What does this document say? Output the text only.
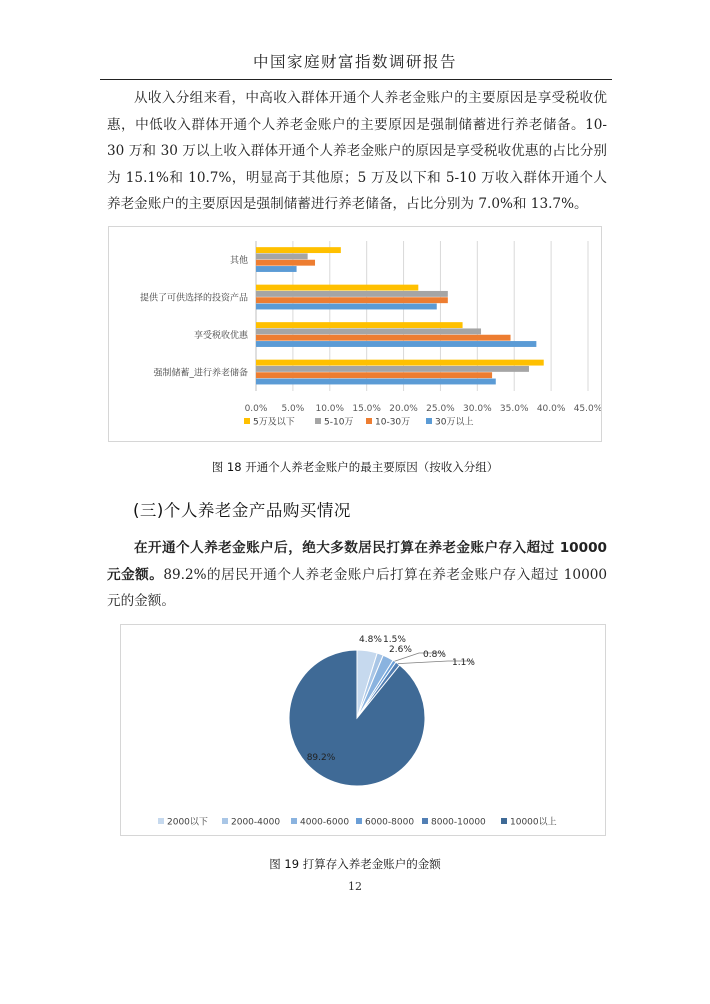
中国家庭财富指数调研报告
从收入分组来看，中高收入群体开通个人养老金账户的主要原因是享受税收优惠，中低收入群体开通个人养老金账户的主要原因是强制储蓄进行养老储备。10-30 万和 30 万以上收入群体开通个人养老金账户的原因是享受税收优惠的占比分别为 15.1%和 10.7%，明显高于其他原；5 万及以下和 5-10 万收入群体开通个人养老金账户的主要原因是强制储蓄进行养老储备，占比分别为 7.0%和 13.7%。
其他
提供了可供选择的投资产品
享受税收优惠
强制储蓄_进行养老储备
0.0% 5.0% 10.0% 15.0% 20.0% 25.0% 30.0% 35.0% 40.0% 45.0%
5万及以下	5-10万 10-30万	30万以上
图 18 开通个人养老金账户的最主要原因（按收入分组）
(三)个人养老金产品购买情况
在开通个人养老金账户后，绝大多数居民打算在养老金账户存入超过 10000 元金额。89.2%的居民开通个人养老金账户后打算在养老金账户存入超过 10000 元的金额。
4.8% 1.5%
2.6% 0.8%
1.1%
89.2%
2000以下	2000-4000 4000-6000 6000-8000 8000-10000	10000以上
图 19 打算存入养老金账户的金额
12
